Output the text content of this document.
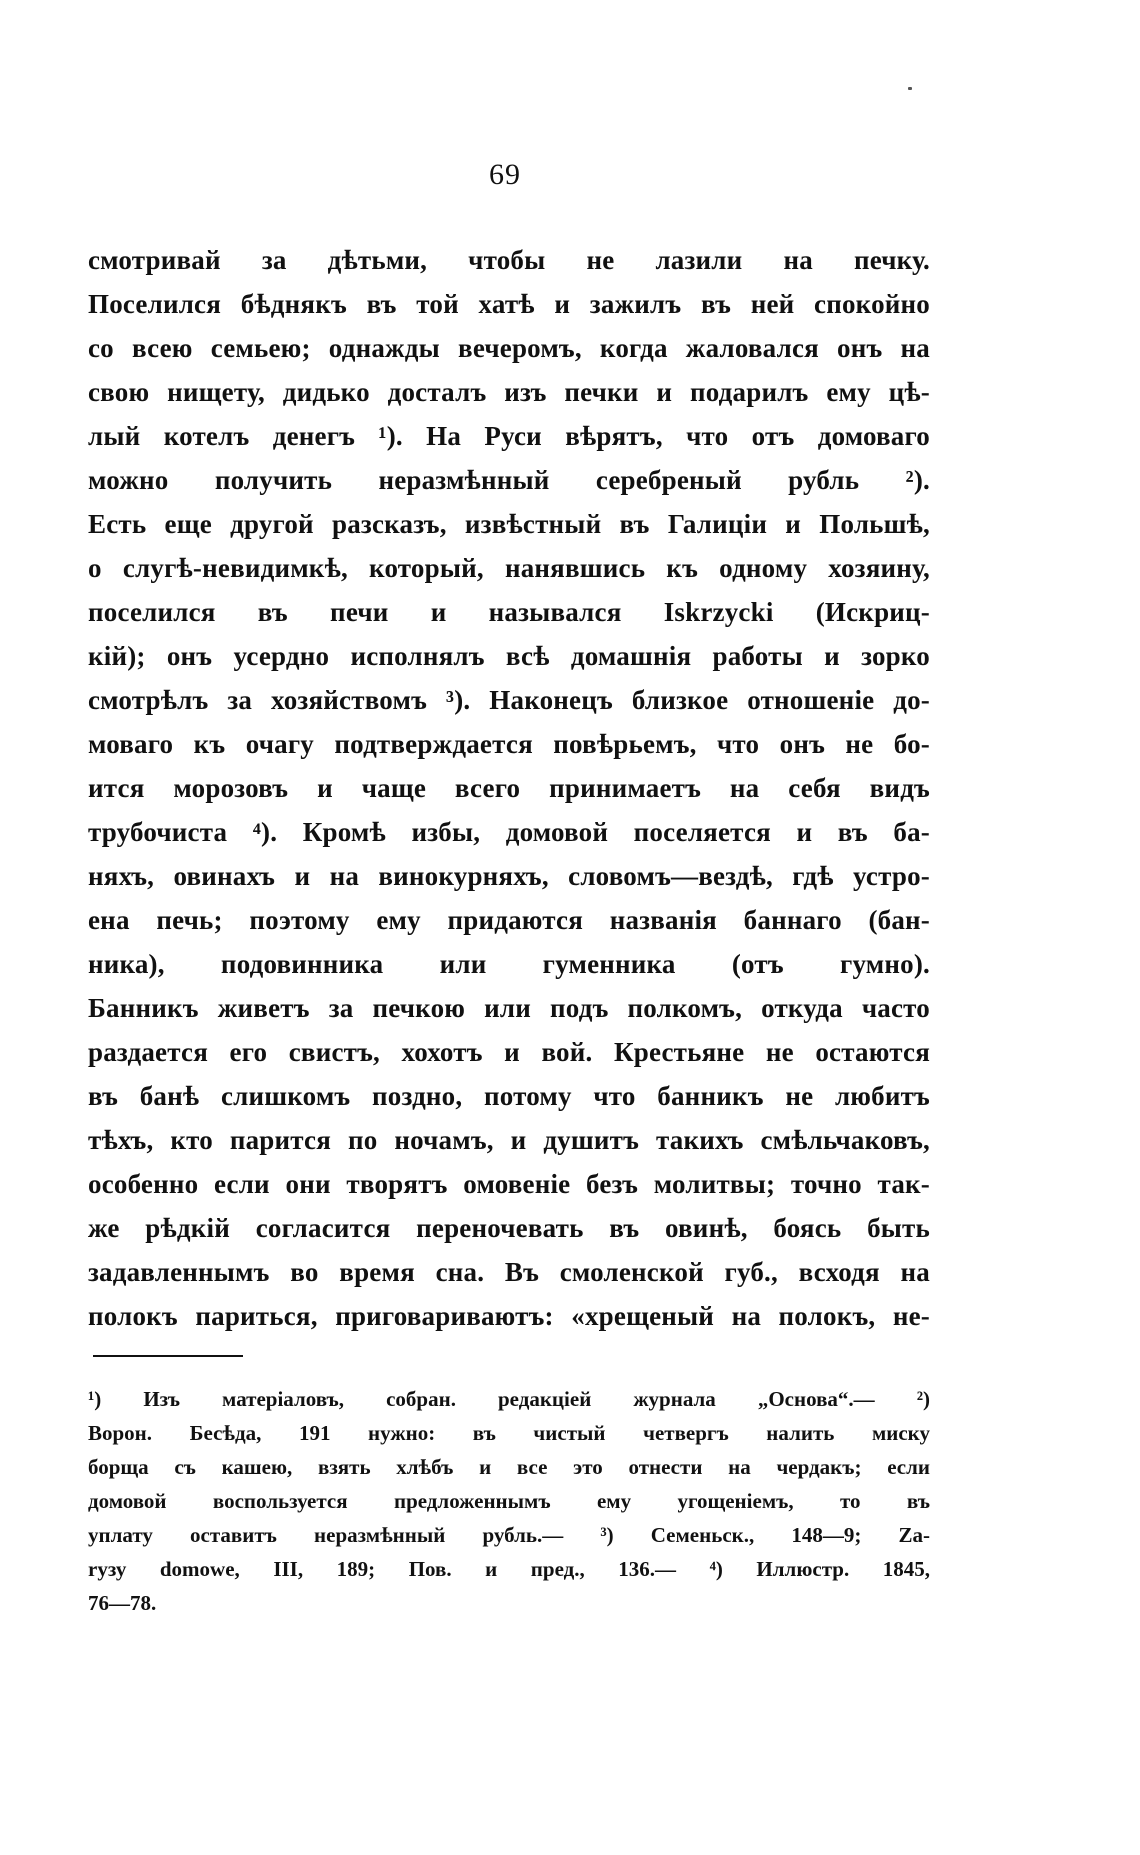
69
смотривай за дѣтьми, чтобы не лазили на печку.
Поселился бѣднякъ въ той хатѣ и зажилъ въ ней спокойно
со всею семьею; однажды вечеромъ, когда жаловался онъ на
свою нищету, дидько досталъ изъ печки и подарилъ ему цѣ-
лый котелъ денегъ ¹). На Руси вѣрятъ, что отъ домоваго
можно получить неразмѣнный серебреный рубль ²).
Есть еще другой разсказъ, извѣстный въ Галиціи и Польшѣ,
о слугѣ-невидимкѣ, который, нанявшись къ одному хозяину,
поселился въ печи и назывался Iskrzycki (Искриц-
кій); онъ усердно исполнялъ всѣ домашнія работы и зорко
смотрѣлъ за хозяйствомъ ³). Наконецъ близкое отношеніе до-
моваго къ очагу подтверждается повѣрьемъ, что онъ не бо-
ится морозовъ и чаще всего принимаетъ на себя видъ
трубочиста ⁴). Кромѣ избы, домовой поселяется и въ ба-
няхъ, овинахъ и на винокурняхъ, словомъ—вездѣ, гдѣ устро-
ена печь; поэтому ему придаются названія баннаго (бан-
ника), подовинника или гуменника (отъ гумно).
Банникъ живетъ за печкою или подъ полкомъ, откуда часто
раздается его свистъ, хохотъ и вой. Крестьяне не остаются
въ банѣ слишкомъ поздно, потому что банникъ не любитъ
тѣхъ, кто парится по ночамъ, и душитъ такихъ смѣльчаковъ,
особенно если они творятъ омовеніе безъ молитвы; точно так-
же рѣдкій согласится переночевать въ овинѣ, боясь быть
задавленнымъ во время сна. Въ смоленской губ., всходя на
полокъ париться, приговариваютъ: «хрещеный на полокъ, не-
¹) Изъ матеріаловъ, собран. редакціей журнала „Основа“.— ²)
Ворон. Бесѣда, 191 нужно: въ чистый четвергъ налить миску
борща съ кашею, взять хлѣбъ и все это отнести на чердакъ; если
домовой воспользуется предложеннымъ ему угощеніемъ, то въ
уплату оставитъ неразмѣнный рубль.— ³) Семеньск., 148—9; Za-
ryзу domowe, III, 189; Пов. и пред., 136.— ⁴) Иллюстр. 1845,
76—78.
